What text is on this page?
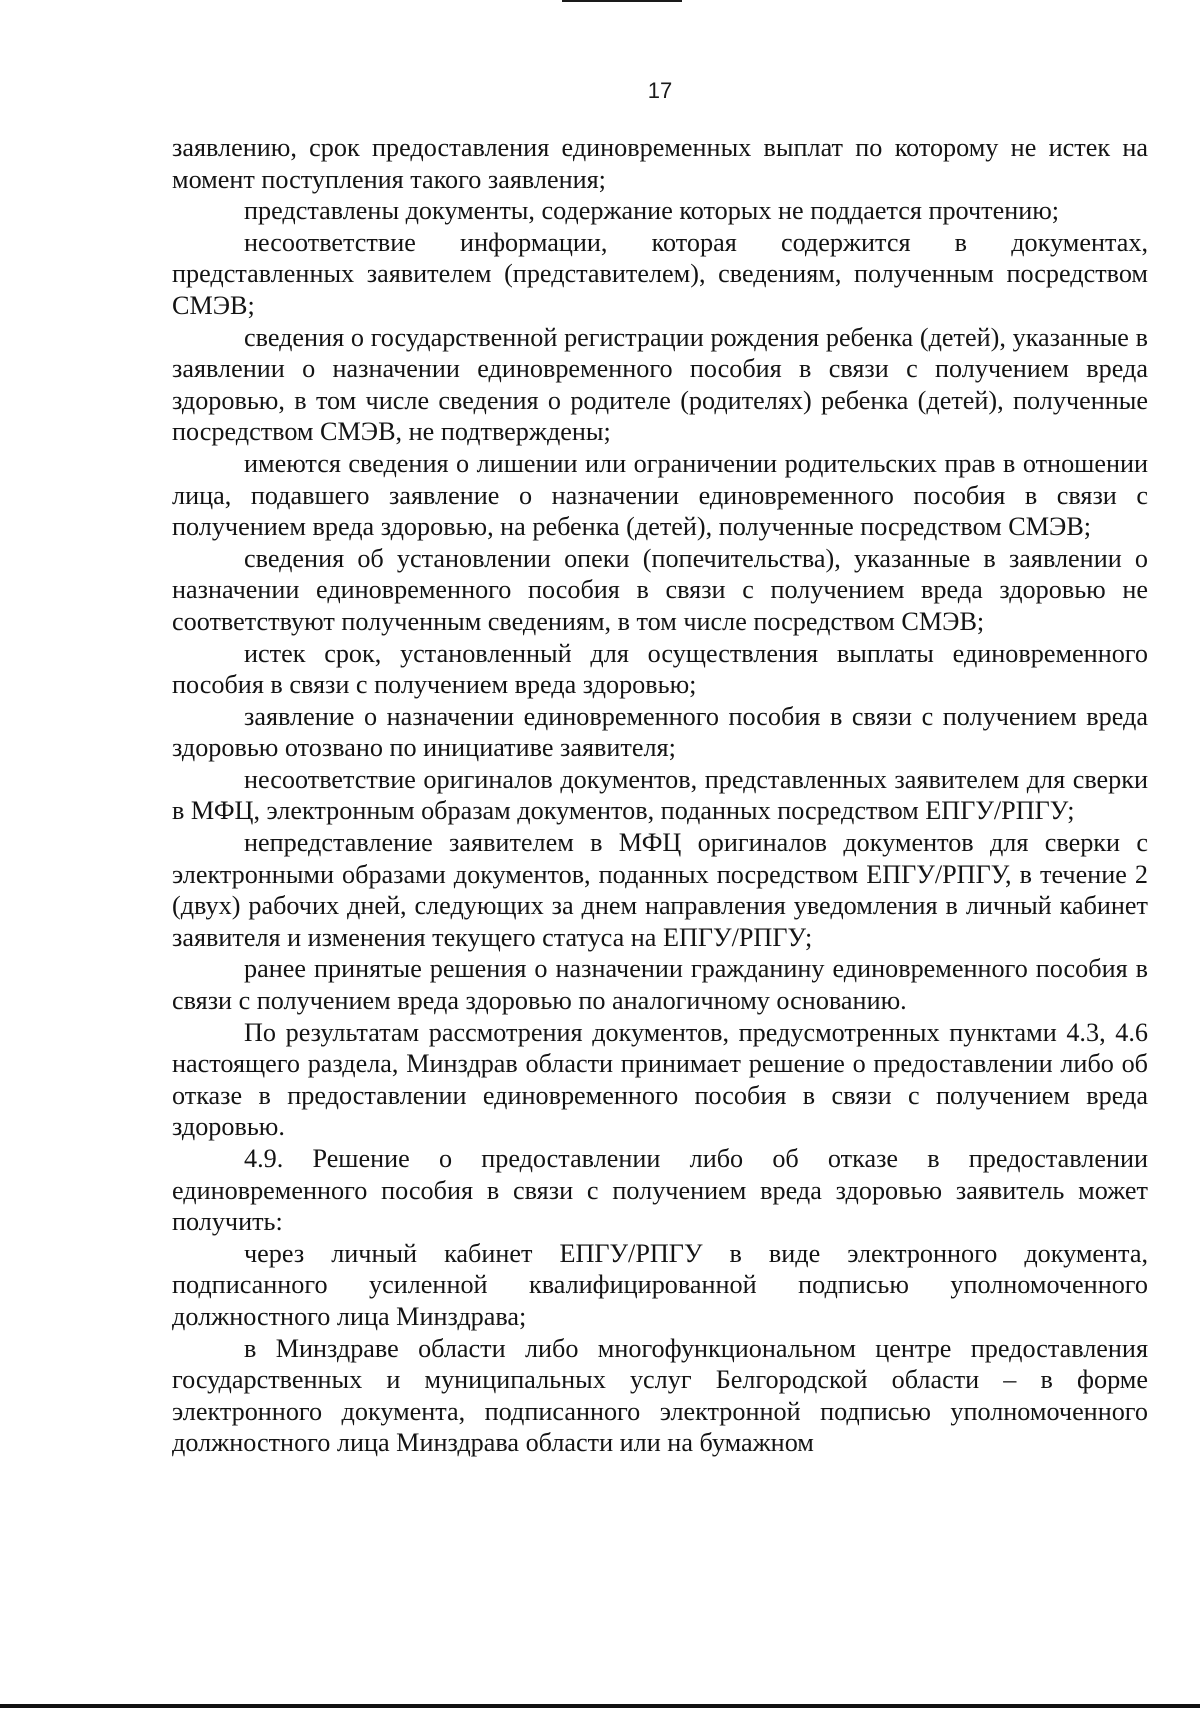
17

заявлению, срок предоставления единовременных выплат по которому не истек на момент поступления такого заявления;

представлены документы, содержание которых не поддается прочтению;

несоответствие информации, которая содержится в документах, представленных заявителем (представителем), сведениям, полученным посредством СМЭВ;

сведения о государственной регистрации рождения ребенка (детей), указанные в заявлении о назначении единовременного пособия в связи с получением вреда здоровью, в том числе сведения о родителе (родителях) ребенка (детей), полученные посредством СМЭВ, не подтверждены;

имеются сведения о лишении или ограничении родительских прав в отношении лица, подавшего заявление о назначении единовременного пособия в связи с получением вреда здоровью, на ребенка (детей), полученные посредством СМЭВ;

сведения об установлении опеки (попечительства), указанные в заявлении о назначении единовременного пособия в связи с получением вреда здоровью не соответствуют полученным сведениям, в том числе посредством СМЭВ;

истек срок, установленный для осуществления выплаты единовременного пособия в связи с получением вреда здоровью;

заявление о назначении единовременного пособия в связи с получением вреда здоровью отозвано по инициативе заявителя;

несоответствие оригиналов документов, представленных заявителем для сверки в МФЦ, электронным образам документов, поданных посредством ЕПГУ/РПГУ;

непредставление заявителем в МФЦ оригиналов документов для сверки с электронными образами документов, поданных посредством ЕПГУ/РПГУ, в течение 2 (двух) рабочих дней, следующих за днем направления уведомления в личный кабинет заявителя и изменения текущего статуса на ЕПГУ/РПГУ;

ранее принятые решения о назначении гражданину единовременного пособия в связи с получением вреда здоровью по аналогичному основанию.

По результатам рассмотрения документов, предусмотренных пунктами 4.3, 4.6 настоящего раздела, Минздрав области принимает решение о предоставлении либо об отказе в предоставлении единовременного пособия в связи с получением вреда здоровью.

4.9. Решение о предоставлении либо об отказе в предоставлении единовременного пособия в связи с получением вреда здоровью заявитель может получить:

через личный кабинет ЕПГУ/РПГУ в виде электронного документа, подписанного усиленной квалифицированной подписью уполномоченного должностного лица Минздрава;

в Минздраве области либо многофункциональном центре предоставления государственных и муниципальных услуг Белгородской области – в форме электронного документа, подписанного электронной подписью уполномоченного должностного лица Минздрава области или на бумажном
